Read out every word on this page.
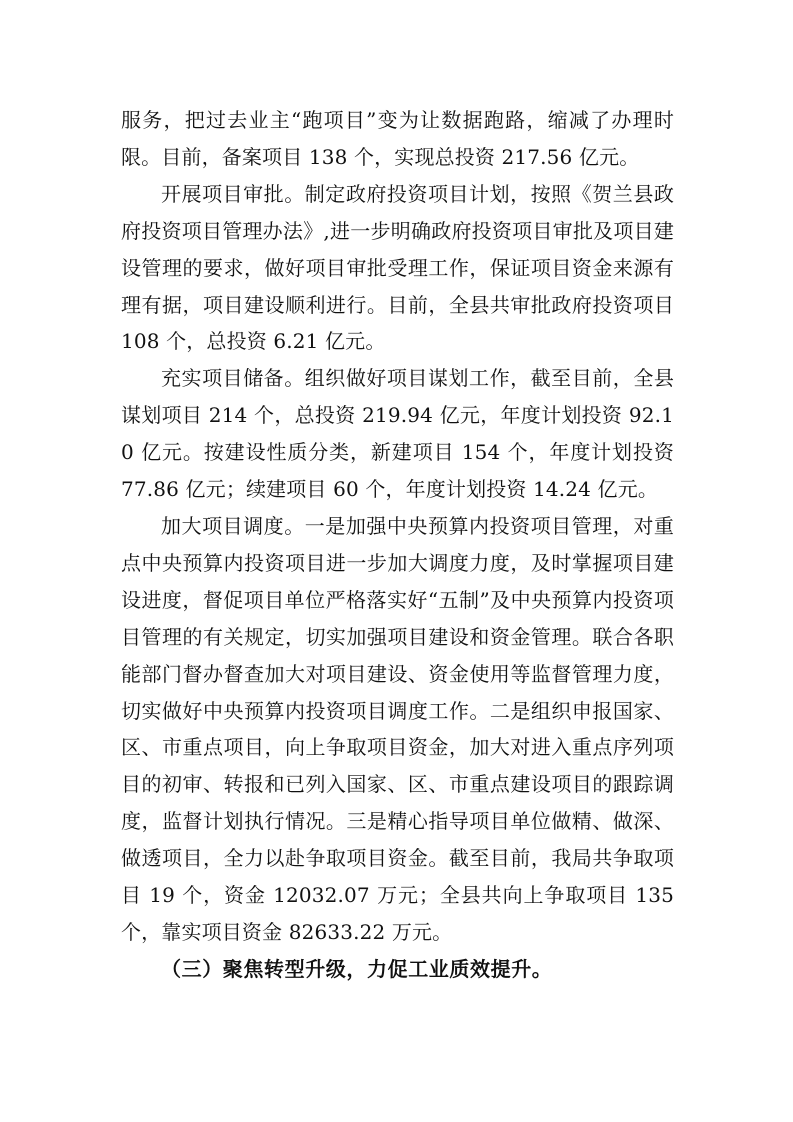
服务，把过去业主“跑项目”变为让数据跑路，缩减了办理时限。目前，备案项目 138 个，实现总投资 217.56 亿元。

开展项目审批。制定政府投资项目计划，按照《贺兰县政府投资项目管理办法》,进一步明确政府投资项目审批及项目建设管理的要求，做好项目审批受理工作，保证项目资金来源有理有据，项目建设顺利进行。目前，全县共审批政府投资项目 108 个，总投资 6.21 亿元。

充实项目储备。组织做好项目谋划工作，截至目前，全县谋划项目 214 个，总投资 219.94 亿元，年度计划投资 92.10 亿元。按建设性质分类，新建项目 154 个，年度计划投资 77.86 亿元；续建项目 60 个，年度计划投资 14.24 亿元。

加大项目调度。一是加强中央预算内投资项目管理，对重点中央预算内投资项目进一步加大调度力度，及时掌握项目建设进度，督促项目单位严格落实好“五制”及中央预算内投资项目管理的有关规定，切实加强项目建设和资金管理。联合各职能部门督办督查加大对项目建设、资金使用等监督管理力度，切实做好中央预算内投资项目调度工作。二是组织申报国家、区、市重点项目，向上争取项目资金，加大对进入重点序列项目的初审、转报和已列入国家、区、市重点建设项目的跟踪调度，监督计划执行情况。三是精心指导项目单位做精、做深、做透项目，全力以赴争取项目资金。截至目前，我局共争取项目 19 个，资金 12032.07 万元；全县共向上争取项目 135 个，靠实项目资金 82633.22 万元。

（三）聚焦转型升级，力促工业质效提升。
